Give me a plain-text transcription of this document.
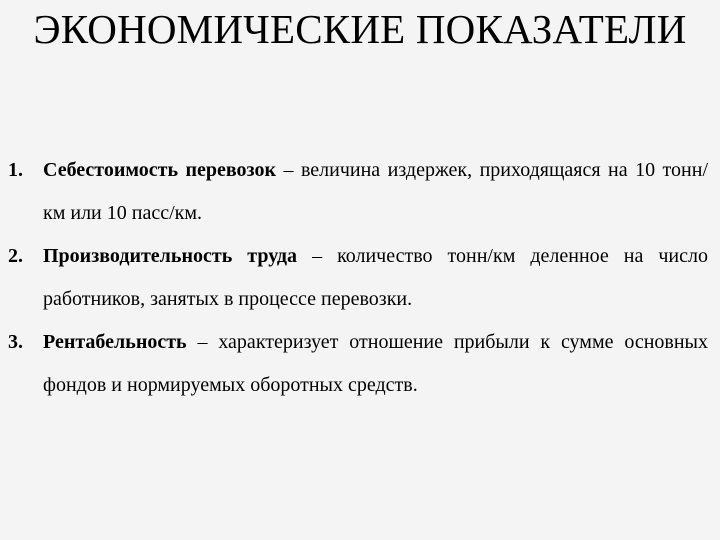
ЭКОНОМИЧЕСКИЕ ПОКАЗАТЕЛИ
1. Себестоимость перевозок – величина издержек, приходящаяся на 10 тонн/км или 10 пасс/км.
2. Производительность труда – количество тонн/км деленное на число работников, занятых в процессе перевозки.
3. Рентабельность – характеризует отношение прибыли к сумме основных фондов и нормируемых оборотных средств.
